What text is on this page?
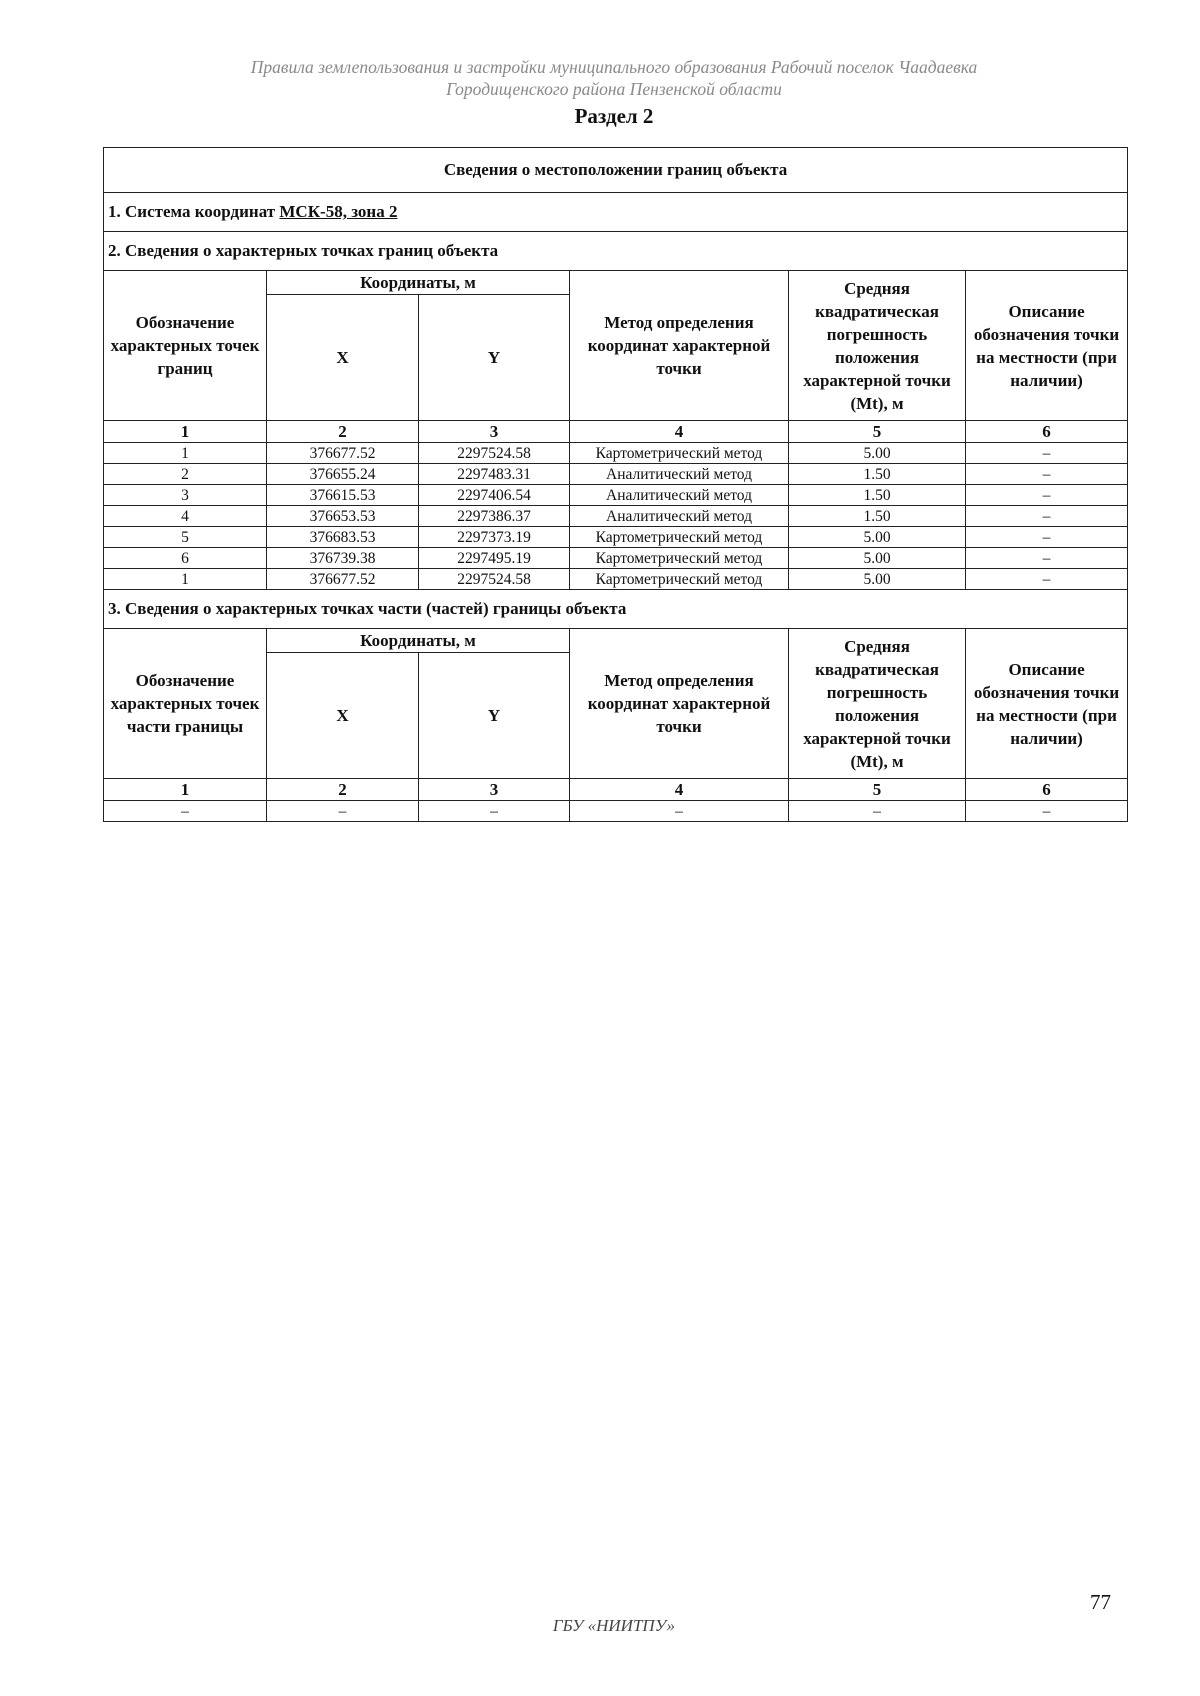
Правила землепользования и застройки муниципального образования Рабочий поселок Чаадаевка
Городищенского района Пензенской области
Раздел 2
Сведения о местоположении границ объекта					
1. Система координат МСК-58, зона 2					
2. Сведения о характерных точках границ объекта					
Обозначение характерных точек границ	Координаты, м		Метод определения координат характерной точки	Средняя квадратическая погрешность положения характерной точки (Mt), м	Описание обозначения точки на местности (при наличии)
	X	Y			
1	2	3	4	5	6
1	376677.52	2297524.58	Картометрический метод	5.00	–
2	376655.24	2297483.31	Аналитический метод	1.50	–
3	376615.53	2297406.54	Аналитический метод	1.50	–
4	376653.53	2297386.37	Аналитический метод	1.50	–
5	376683.53	2297373.19	Картометрический метод	5.00	–
6	376739.38	2297495.19	Картометрический метод	5.00	–
1	376677.52	2297524.58	Картометрический метод	5.00	–
3. Сведения о характерных точках части (частей) границы объекта					
Обозначение характерных точек части границы	Координаты, м		Метод определения координат характерной точки	Средняя квадратическая погрешность положения характерной точки (Mt), м	Описание обозначения точки на местности (при наличии)
	X	Y			
1	2	3	4	5	6
–	–	–	–	–	–
77
ГБУ «НИИТПУ»
